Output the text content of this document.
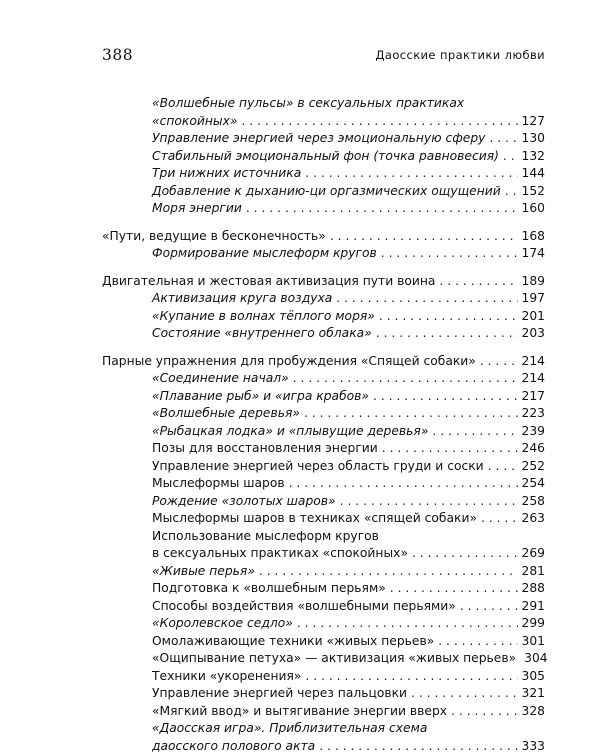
388	Даосские практики любви
«Волшебные пульсы» в сексуальных практиках
«спокойных» . . .	127
Управление энергией через эмоциональную сферу . . .	130
Стабильный эмоциональный фон (точка равновесия) . . . 132
Три нижних источника . . .	144
Добавление к дыханию-ци оргазмических ощущений . . . 152
Моря энергии . . .	160
«Пути, ведущие в бесконечность» . . .	168
Формирование мыслеформ кругов . . .	174
Двигательная и жестовая активизация пути воина . . .	189
Активизация круга воздуха . . .	197
«Купание в волнах тёплого моря» . . .	201
Состояние «внутреннего облака» . . .	203
Парные упражнения для пробуждения «Спящей собаки» . . .	214
«Соединение начал» . . .	214
«Плавание рыб» и «игра крабов» . . .	217
«Волшебные деревья» . . .	223
«Рыбацкая лодка» и «плывущие деревья» . . .	239
Позы для восстановления энергии . . .	246
Управление энергией через область груди и соски . . .	252
Мыслеформы шаров . . .	254
Рождение «золотых шаров» . . .	258
Мыслеформы шаров в техниках «спящей собаки» . . .	263
Использование мыслеформ кругов
в сексуальных практиках «спокойных» . . .	269
«Живые перья» . . .	281
Подготовка к «волшебным перьям» . . .	288
Способы воздействия «волшебными перьями» . . .	291
«Королевское седло» . . .	299
Омолаживающие техники «живых перьев» . . .	301
«Ощипывание петуха» — активизация «живых перьев» 304
Техники «укоренения» . . .	305
Управление энергией через пальцовки . . .	321
«Мягкий ввод» и вытягивание энергии вверх . . .	328
«Даосская игра». Приблизительная схема
даосского полового акта . . .	333
